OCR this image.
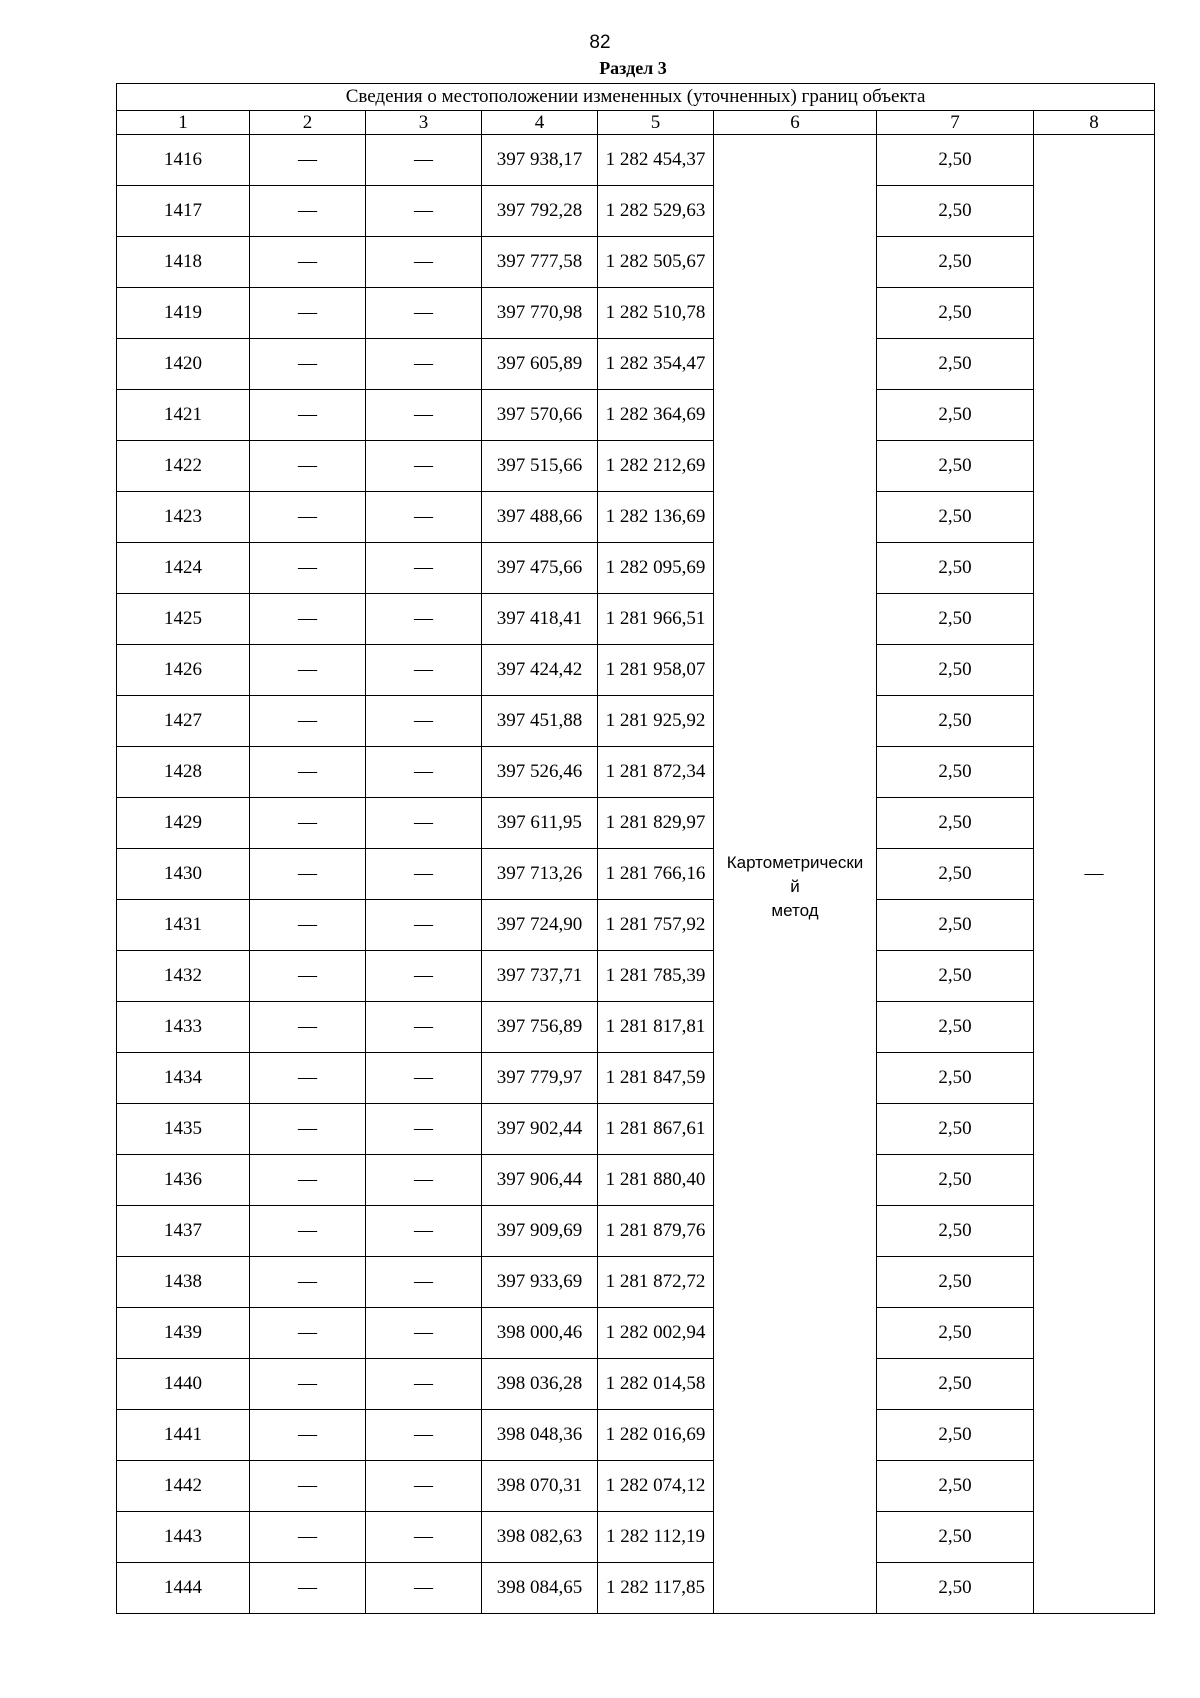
82
Раздел 3
Сведения о местоположении измененных (уточненных) границ объекта							
1	2	3	4	5	6	7	8
1416	—	—	397 938,17	1 282 454,37	Картометрически
й
метод	2,50	—
1417	—	—	397 792,28	1 282 529,63		2,50	
1418	—	—	397 777,58	1 282 505,67		2,50	
1419	—	—	397 770,98	1 282 510,78		2,50	
1420	—	—	397 605,89	1 282 354,47		2,50	
1421	—	—	397 570,66	1 282 364,69		2,50	
1422	—	—	397 515,66	1 282 212,69		2,50	
1423	—	—	397 488,66	1 282 136,69		2,50	
1424	—	—	397 475,66	1 282 095,69		2,50	
1425	—	—	397 418,41	1 281 966,51		2,50	
1426	—	—	397 424,42	1 281 958,07		2,50	
1427	—	—	397 451,88	1 281 925,92		2,50	
1428	—	—	397 526,46	1 281 872,34		2,50	
1429	—	—	397 611,95	1 281 829,97		2,50	
1430	—	—	397 713,26	1 281 766,16		2,50	
1431	—	—	397 724,90	1 281 757,92		2,50	
1432	—	—	397 737,71	1 281 785,39		2,50	
1433	—	—	397 756,89	1 281 817,81		2,50	
1434	—	—	397 779,97	1 281 847,59		2,50	
1435	—	—	397 902,44	1 281 867,61		2,50	
1436	—	—	397 906,44	1 281 880,40		2,50	
1437	—	—	397 909,69	1 281 879,76		2,50	
1438	—	—	397 933,69	1 281 872,72		2,50	
1439	—	—	398 000,46	1 282 002,94		2,50	
1440	—	—	398 036,28	1 282 014,58		2,50	
1441	—	—	398 048,36	1 282 016,69		2,50	
1442	—	—	398 070,31	1 282 074,12		2,50	
1443	—	—	398 082,63	1 282 112,19		2,50	
1444	—	—	398 084,65	1 282 117,85		2,50	
